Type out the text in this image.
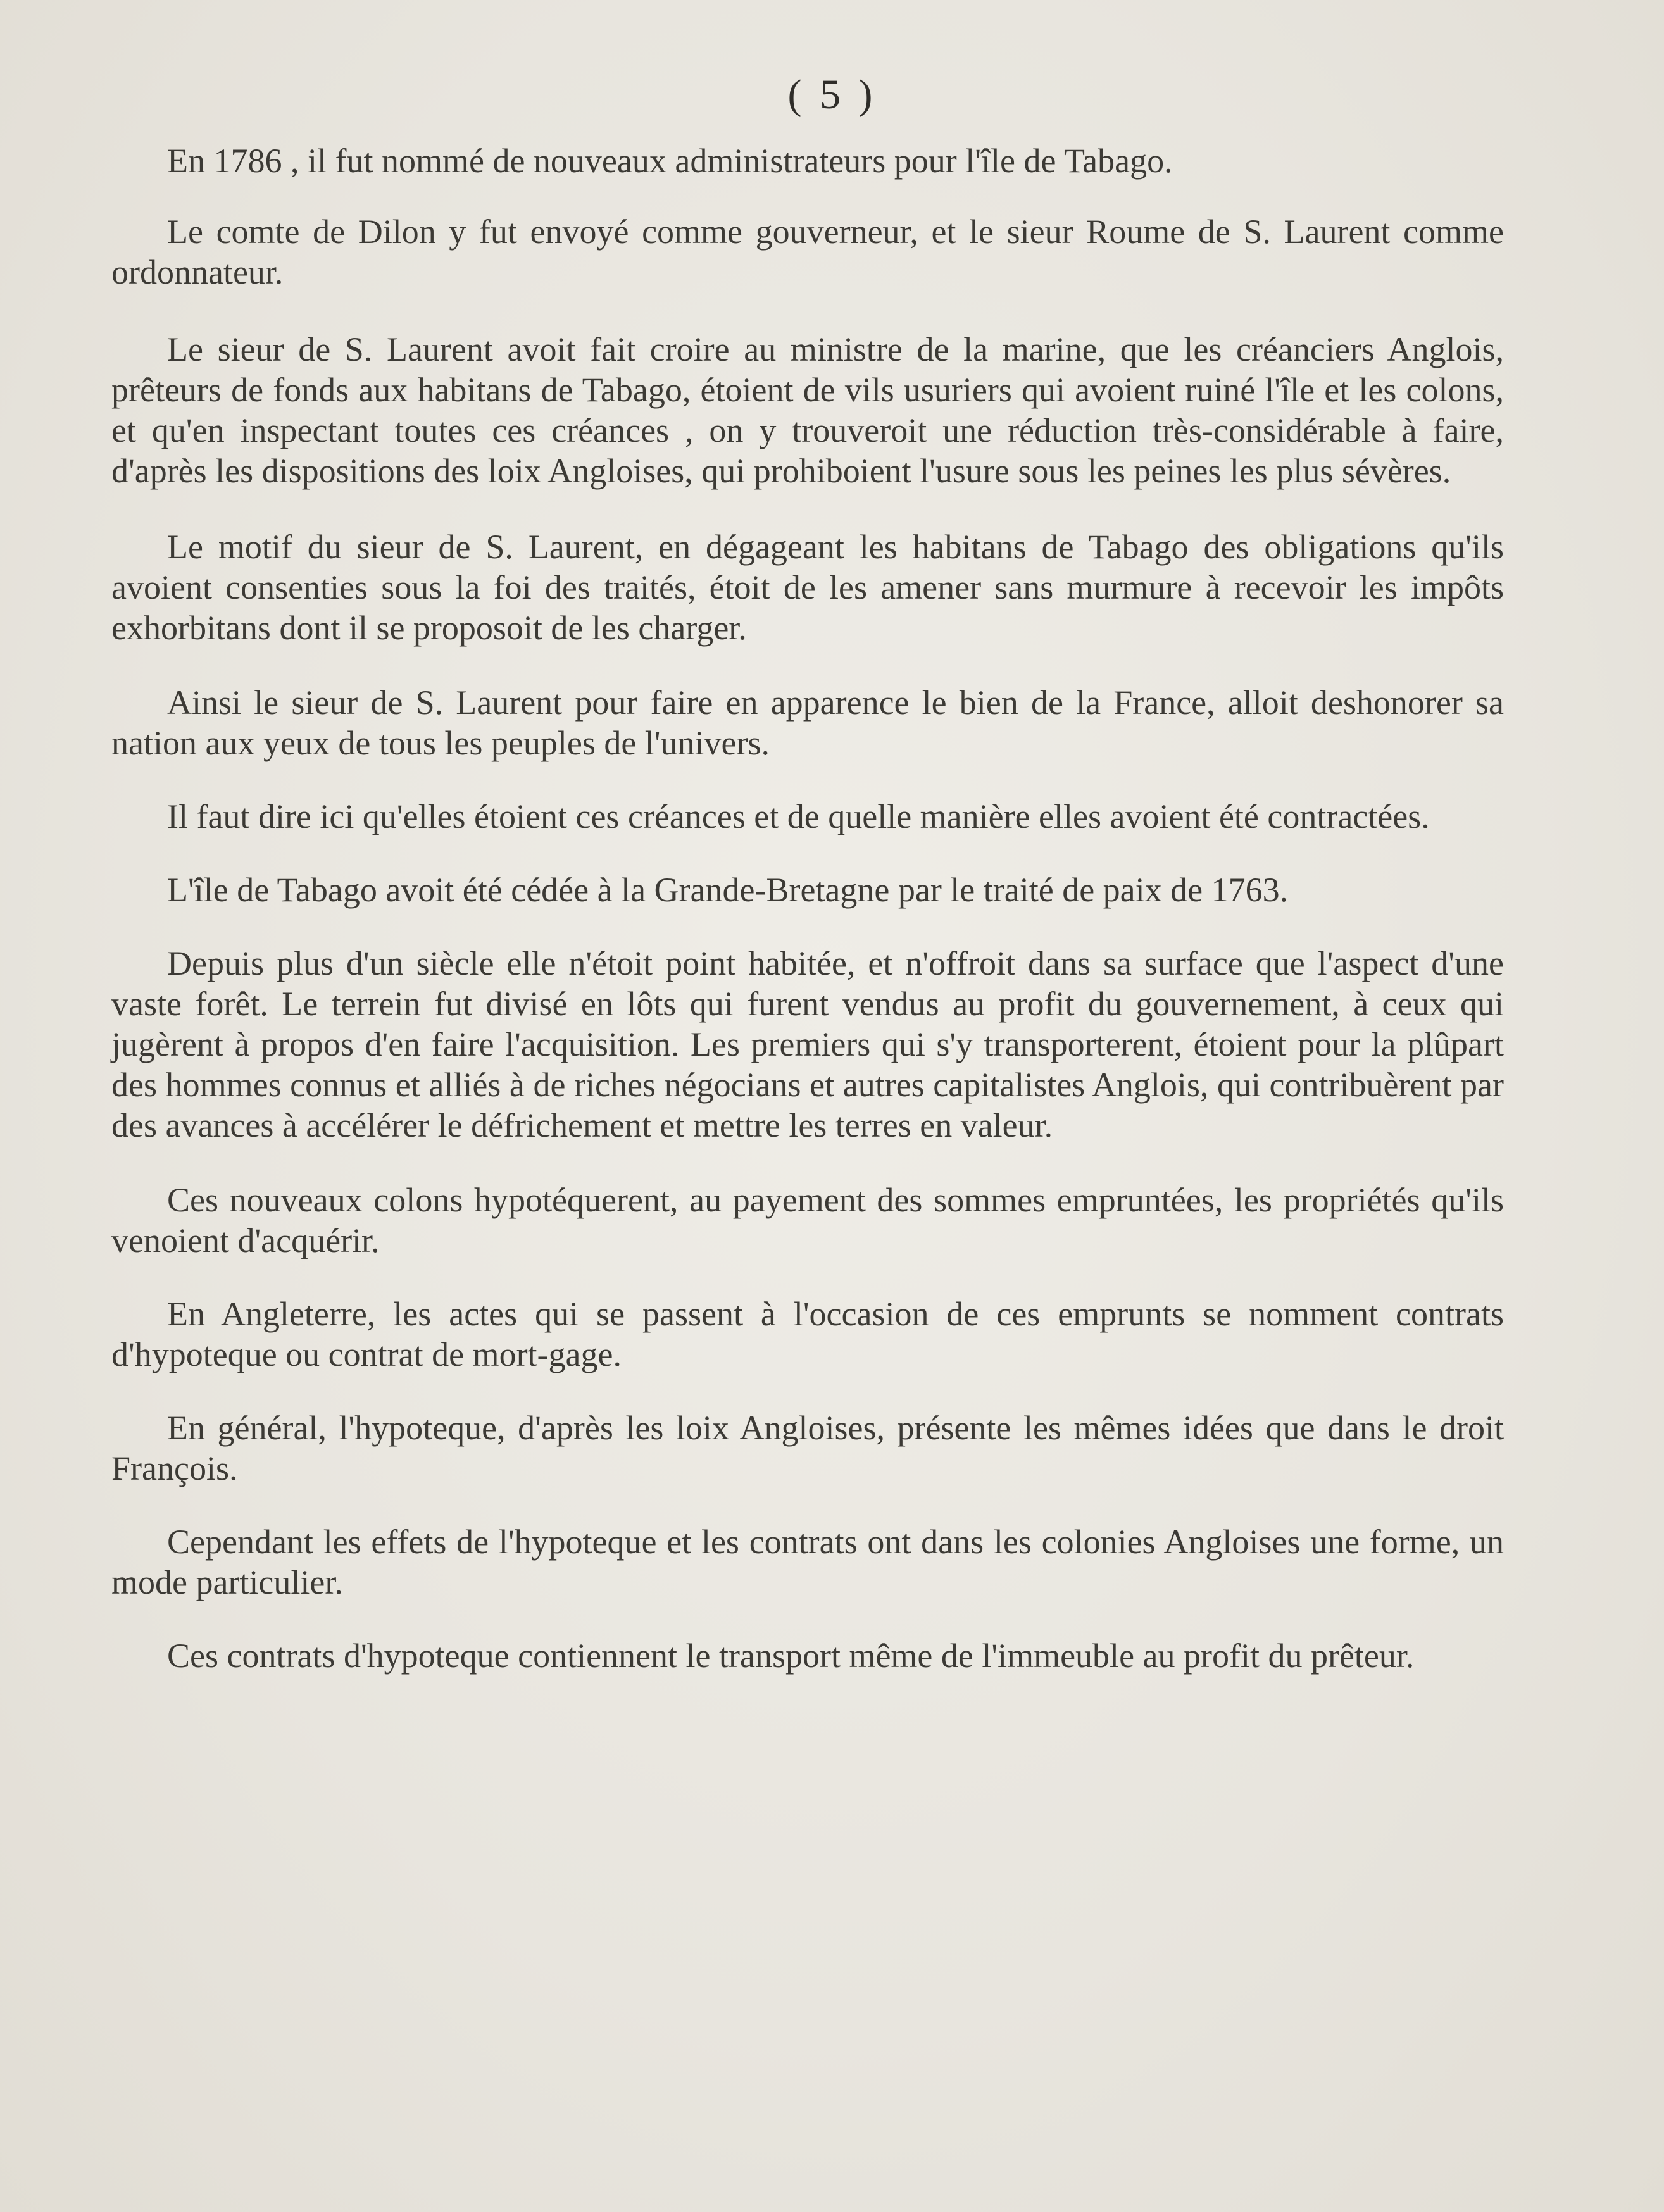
( 5 )

En 1786 , il fut nommé de nouveaux administrateurs pour l'île de Tabago.

Le comte de Dilon y fut envoyé comme gouverneur, et le sieur Roume de S. Laurent comme ordonnateur.

Le sieur de S. Laurent avoit fait croire au ministre de la marine, que les créanciers Anglois, prêteurs de fonds aux habitans de Tabago, étoient de vils usuriers qui avoient ruiné l'île et les colons, et qu'en inspectant toutes ces créances , on y trouveroit une réduction très-considérable à faire, d'après les dispositions des loix Angloises, qui prohiboient l'usure sous les peines les plus sévères.

Le motif du sieur de S. Laurent, en dégageant les habitans de Tabago des obligations qu'ils avoient consenties sous la foi des traités, étoit de les amener sans murmure à recevoir les impôts exhorbitans dont il se proposoit de les charger.

Ainsi le sieur de S. Laurent pour faire en apparence le bien de la France, alloit deshonorer sa nation aux yeux de tous les peuples de l'univers.

Il faut dire ici qu'elles étoient ces créances et de quelle manière elles avoient été contractées.

L'île de Tabago avoit été cédée à la Grande-Bretagne par le traité de paix de 1763.

Depuis plus d'un siècle elle n'étoit point habitée, et n'offroit dans sa surface que l'aspect d'une vaste forêt. Le terrein fut divisé en lôts qui furent vendus au profit du gouvernement, à ceux qui jugèrent à propos d'en faire l'acquisition. Les premiers qui s'y transporterent, étoient pour la plûpart des hommes connus et alliés à de riches négocians et autres capitalistes Anglois, qui contribuèrent par des avances à accélérer le défrichement et mettre les terres en valeur.

Ces nouveaux colons hypotéquerent, au payement des sommes empruntées, les propriétés qu'ils venoient d'acquérir.

En Angleterre, les actes qui se passent à l'occasion de ces emprunts se nomment contrats d'hypoteque ou contrat de mort-gage.

En général, l'hypoteque, d'après les loix Angloises, présente les mêmes idées que dans le droit François.

Cependant les effets de l'hypoteque et les contrats ont dans les colonies Angloises une forme, un mode particulier.

Ces contrats d'hypoteque contiennent le transport même de l'immeuble au profit du prêteur.
